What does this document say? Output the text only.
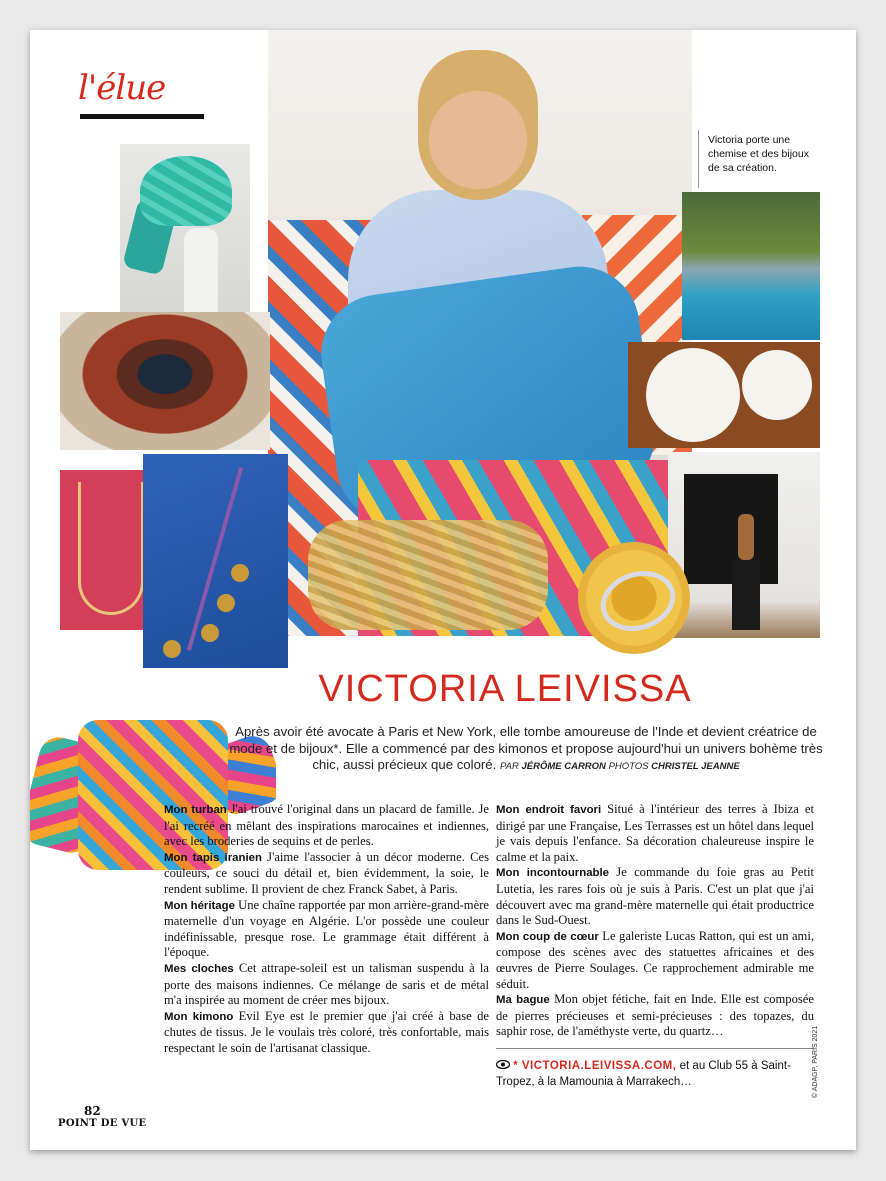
l'élue
Victoria porte une chemise et des bijoux de sa création.
VICTORIA LEIVISSA
Après avoir été avocate à Paris et New York, elle tombe amoureuse de l'Inde et devient créatrice de mode et de bijoux*. Elle a commencé par des kimonos et propose aujourd'hui un univers bohème très chic, aussi précieux que coloré. PAR JÉRÔME CARRON PHOTOS CHRISTEL JEANNE

Mon turban J'ai trouvé l'original dans un placard de famille. Je l'ai recréé en mêlant des inspirations marocaines et indiennes, avec les broderies de sequins et de perles.

Mon tapis iranien J'aime l'associer à un décor moderne. Ces couleurs, ce souci du détail et, bien évidemment, la soie, le rendent sublime. Il provient de chez Franck Sabet, à Paris.

Mon héritage Une chaîne rapportée par mon arrière-grand-mère maternelle d'un voyage en Algérie. L'or possède une couleur indéfinissable, presque rose. Le grammage était différent à l'époque.

Mes cloches Cet attrape-soleil est un talisman suspendu à la porte des maisons indiennes. Ce mélange de saris et de métal m'a inspirée au moment de créer mes bijoux.

Mon kimono Evil Eye est le premier que j'ai créé à base de chutes de tissus. Je le voulais très coloré, très confortable, mais respectant le soin de l'artisanat classique.

Mon endroit favori Situé à l'intérieur des terres à Ibiza et dirigé par une Française, Les Terrasses est un hôtel dans lequel je vais depuis l'enfance. Sa décoration chaleureuse inspire le calme et la paix.

Mon incontournable Je commande du foie gras au Petit Lutetia, les rares fois où je suis à Paris. C'est un plat que j'ai découvert avec ma grand-mère maternelle qui était productrice dans le Sud-Ouest.

Mon coup de cœur Le galeriste Lucas Ratton, qui est un ami, compose des scènes avec des statuettes africaines et des œuvres de Pierre Soulages. Ce rapprochement admirable me séduit.

Ma bague Mon objet fétiche, fait en Inde. Elle est composée de pierres précieuses et semi-précieuses : des topazes, du saphir rose, de l'améthyste verte, du quartz…

* VICTORIA.LEIVISSA.COM, et au Club 55 à Saint-Tropez, à la Mamounia à Marrakech…
82
POINT DE VUE
© ADAGP, PARIS 2021
